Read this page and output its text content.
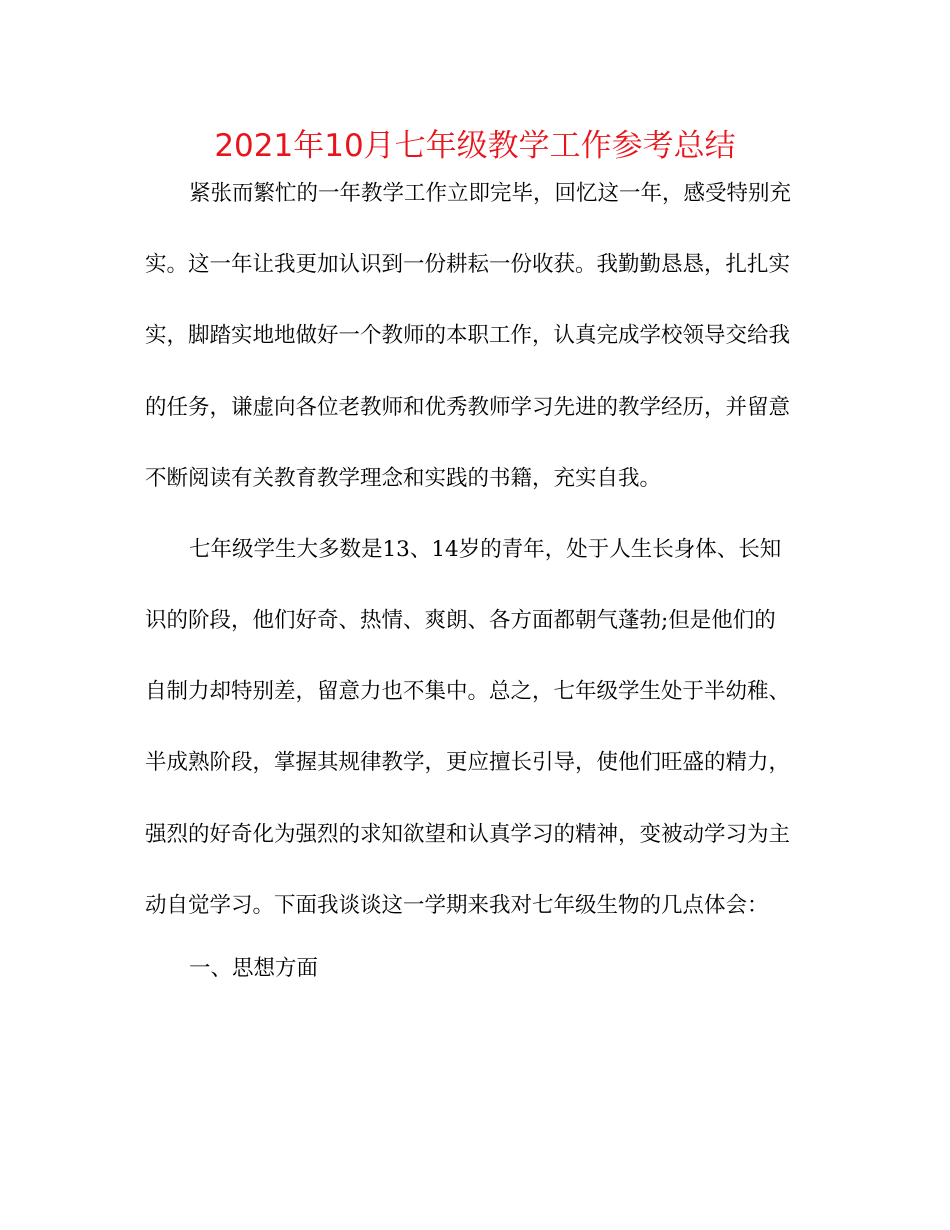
2021年10月七年级教学工作参考总结
紧张而繁忙的一年教学工作立即完毕，回忆这一年，感受特别充
实。这一年让我更加认识到一份耕耘一份收获。我勤勤恳恳，扎扎实
实，脚踏实地地做好一个教师的本职工作，认真完成学校领导交给我
的任务，谦虚向各位老教师和优秀教师学习先进的教学经历，并留意
不断阅读有关教育教学理念和实践的书籍，充实自我。
七年级学生大多数是13、14岁的青年，处于人生长身体、长知
识的阶段，他们好奇、热情、爽朗、各方面都朝气蓬勃;但是他们的
自制力却特别差，留意力也不集中。总之，七年级学生处于半幼稚、
半成熟阶段，掌握其规律教学，更应擅长引导，使他们旺盛的精力，
强烈的好奇化为强烈的求知欲望和认真学习的精神，变被动学习为主
动自觉学习。下面我谈谈这一学期来我对七年级生物的几点体会：
一、思想方面
